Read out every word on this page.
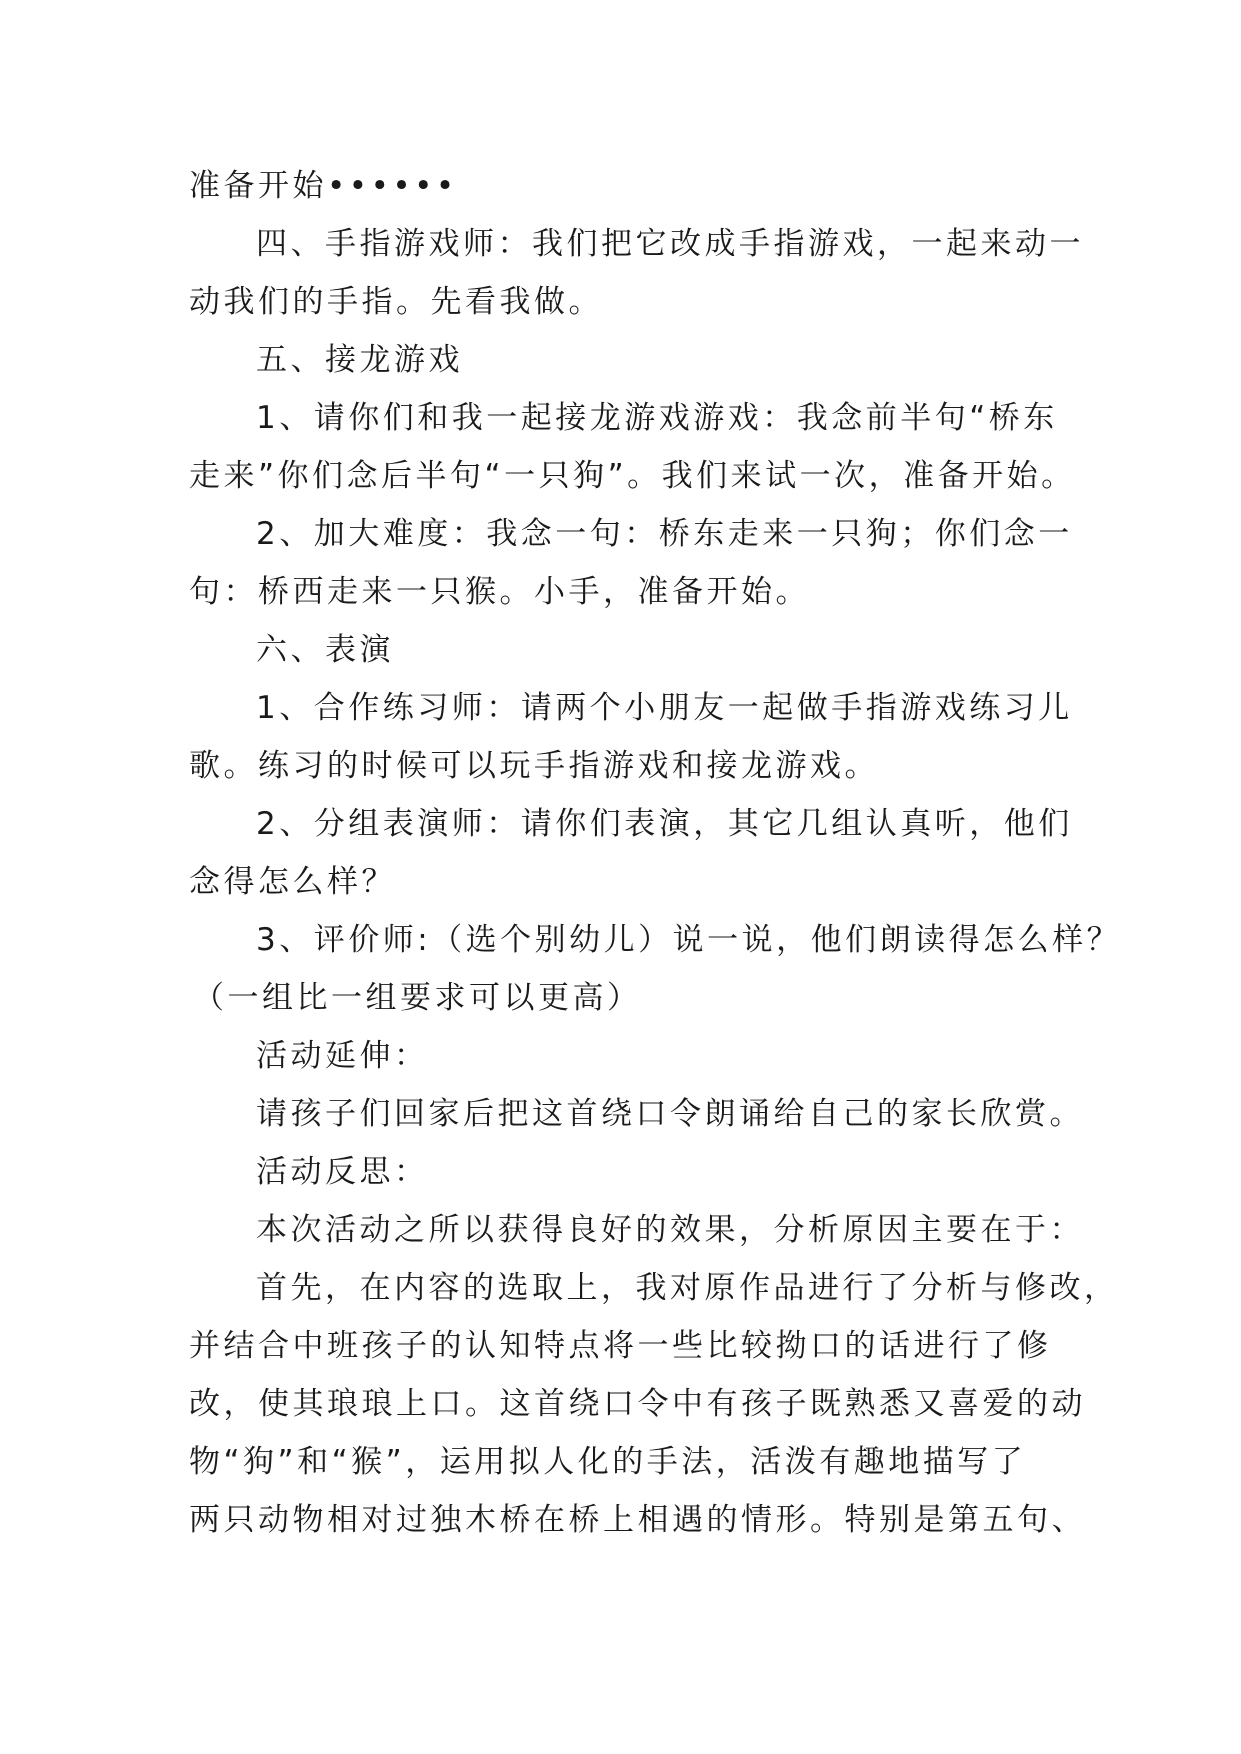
准备开始••••••
四、手指游戏师：我们把它改成手指游戏，一起来动一
动我们的手指。先看我做。
五、接龙游戏
1、请你们和我一起接龙游戏游戏：我念前半句“桥东
走来”你们念后半句“一只狗”。我们来试一次，准备开始。
2、加大难度：我念一句：桥东走来一只狗；你们念一
句：桥西走来一只猴。小手，准备开始。
六、表演
1、合作练习师：请两个小朋友一起做手指游戏练习儿
歌。练习的时候可以玩手指游戏和接龙游戏。
2、分组表演师：请你们表演，其它几组认真听，他们
念得怎么样？
3、评价师:（选个别幼儿）说一说，他们朗读得怎么样？
（一组比一组要求可以更高）
活动延伸：
请孩子们回家后把这首绕口令朗诵给自己的家长欣赏。
活动反思：
本次活动之所以获得良好的效果，分析原因主要在于：
首先，在内容的选取上，我对原作品进行了分析与修改，
并结合中班孩子的认知特点将一些比较拗口的话进行了修
改，使其琅琅上口。这首绕口令中有孩子既熟悉又喜爱的动
物“狗”和“猴”，运用拟人化的手法，活泼有趣地描写了
两只动物相对过独木桥在桥上相遇的情形。特别是第五句、
